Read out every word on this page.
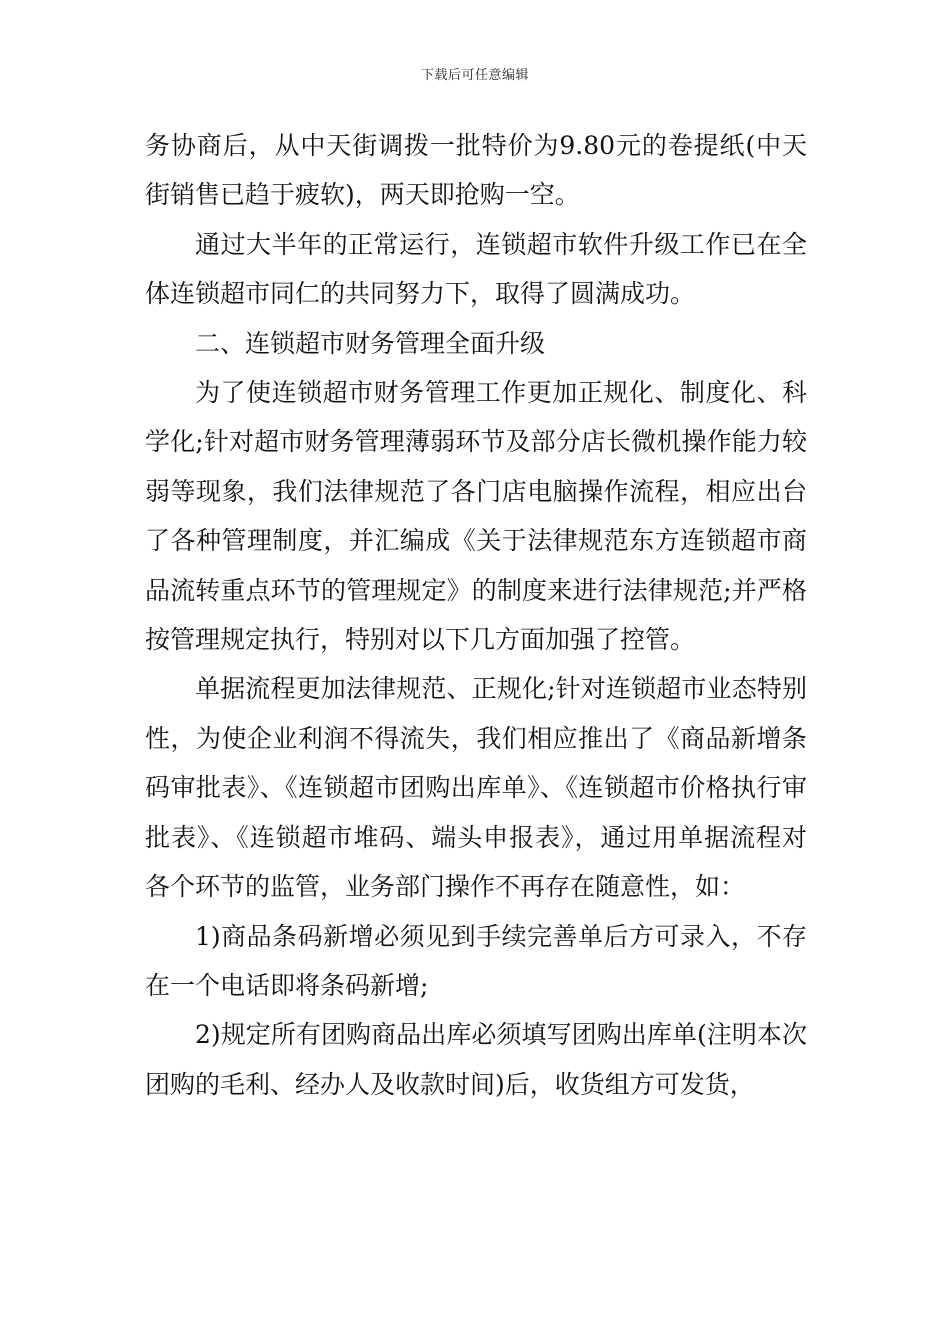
下载后可任意编辑

务协商后，从中天街调拨一批特价为9.80元的卷提纸(中天街销售已趋于疲软)，两天即抢购一空。

通过大半年的正常运行，连锁超市软件升级工作已在全体连锁超市同仁的共同努力下，取得了圆满成功。

二、连锁超市财务管理全面升级

为了使连锁超市财务管理工作更加正规化、制度化、科学化;针对超市财务管理薄弱环节及部分店长微机操作能力较弱等现象，我们法律规范了各门店电脑操作流程，相应出台了各种管理制度，并汇编成《关于法律规范东方连锁超市商品流转重点环节的管理规定》的制度来进行法律规范;并严格按管理规定执行，特别对以下几方面加强了控管。

单据流程更加法律规范、正规化;针对连锁超市业态特别性，为使企业利润不得流失，我们相应推出了《商品新增条码审批表》、《连锁超市团购出库单》、《连锁超市价格执行审批表》、《连锁超市堆码、端头申报表》，通过用单据流程对各个环节的监管，业务部门操作不再存在随意性，如：

1)商品条码新增必须见到手续完善单后方可录入，不存在一个电话即将条码新增;

2)规定所有团购商品出库必须填写团购出库单(注明本次团购的毛利、经办人及收款时间)后，收货组方可发货，
